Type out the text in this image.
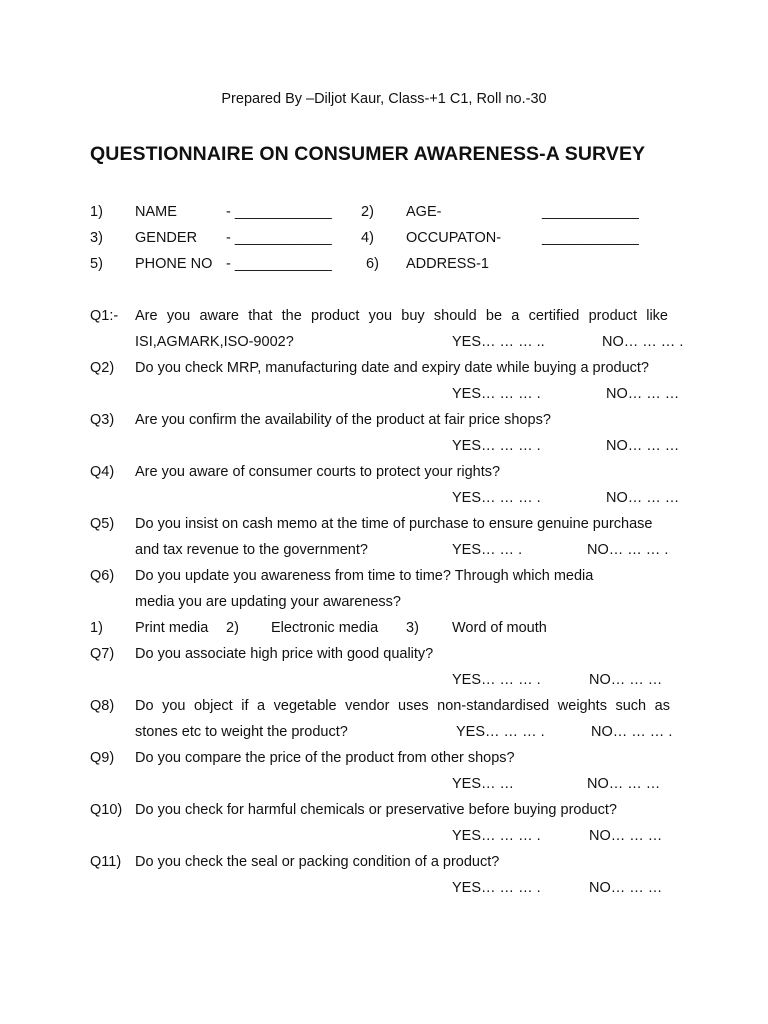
Prepared By –Diljot Kaur, Class-+1 C1, Roll no.-30
QUESTIONNAIRE ON CONSUMER AWARENESS-A SURVEY
1) NAME	- ____________ 2) AGE-	____________
3) GENDER - ____________ 4) OCCUPATON-	____________
5) PHONE NO - ____________ 6) ADDRESS-1
Q1:- Are you aware that the product you buy should be a certified product like
ISI,AGMARK,ISO-9002?	YES… … … ..	NO… … … .
Q2) Do you check MRP, manufacturing date and expiry date while buying a product?
YES… … … .	NO… … …
Q3) Are you confirm the availability of the product at fair price shops?
YES… … … .	NO… … …
Q4) Are you aware of consumer courts to protect your rights?
YES… … … .	NO… … …
Q5) Do you insist on cash memo at the time of purchase to ensure genuine purchase
and tax revenue to the government?	YES… … .	NO… … … .
Q6) Do you update you awareness from time to time? Through which media
media you are updating your awareness?
1) Print media 2) Electronic media 3) Word of mouth
Q7) Do you associate high price with good quality?
YES… … … .	NO… … …
Q8) Do you object if a vegetable vendor uses non-standardised weights such as
stones etc to weight the product?	YES… … … .	NO… … … .
Q9) Do you compare the price of the product from other shops?
YES… …	NO… … …
Q10) Do you check for harmful chemicals or preservative before buying product?
YES… … … .	NO… … …
Q11) Do you check the seal or packing condition of a product?
YES… … … .	NO… … …
